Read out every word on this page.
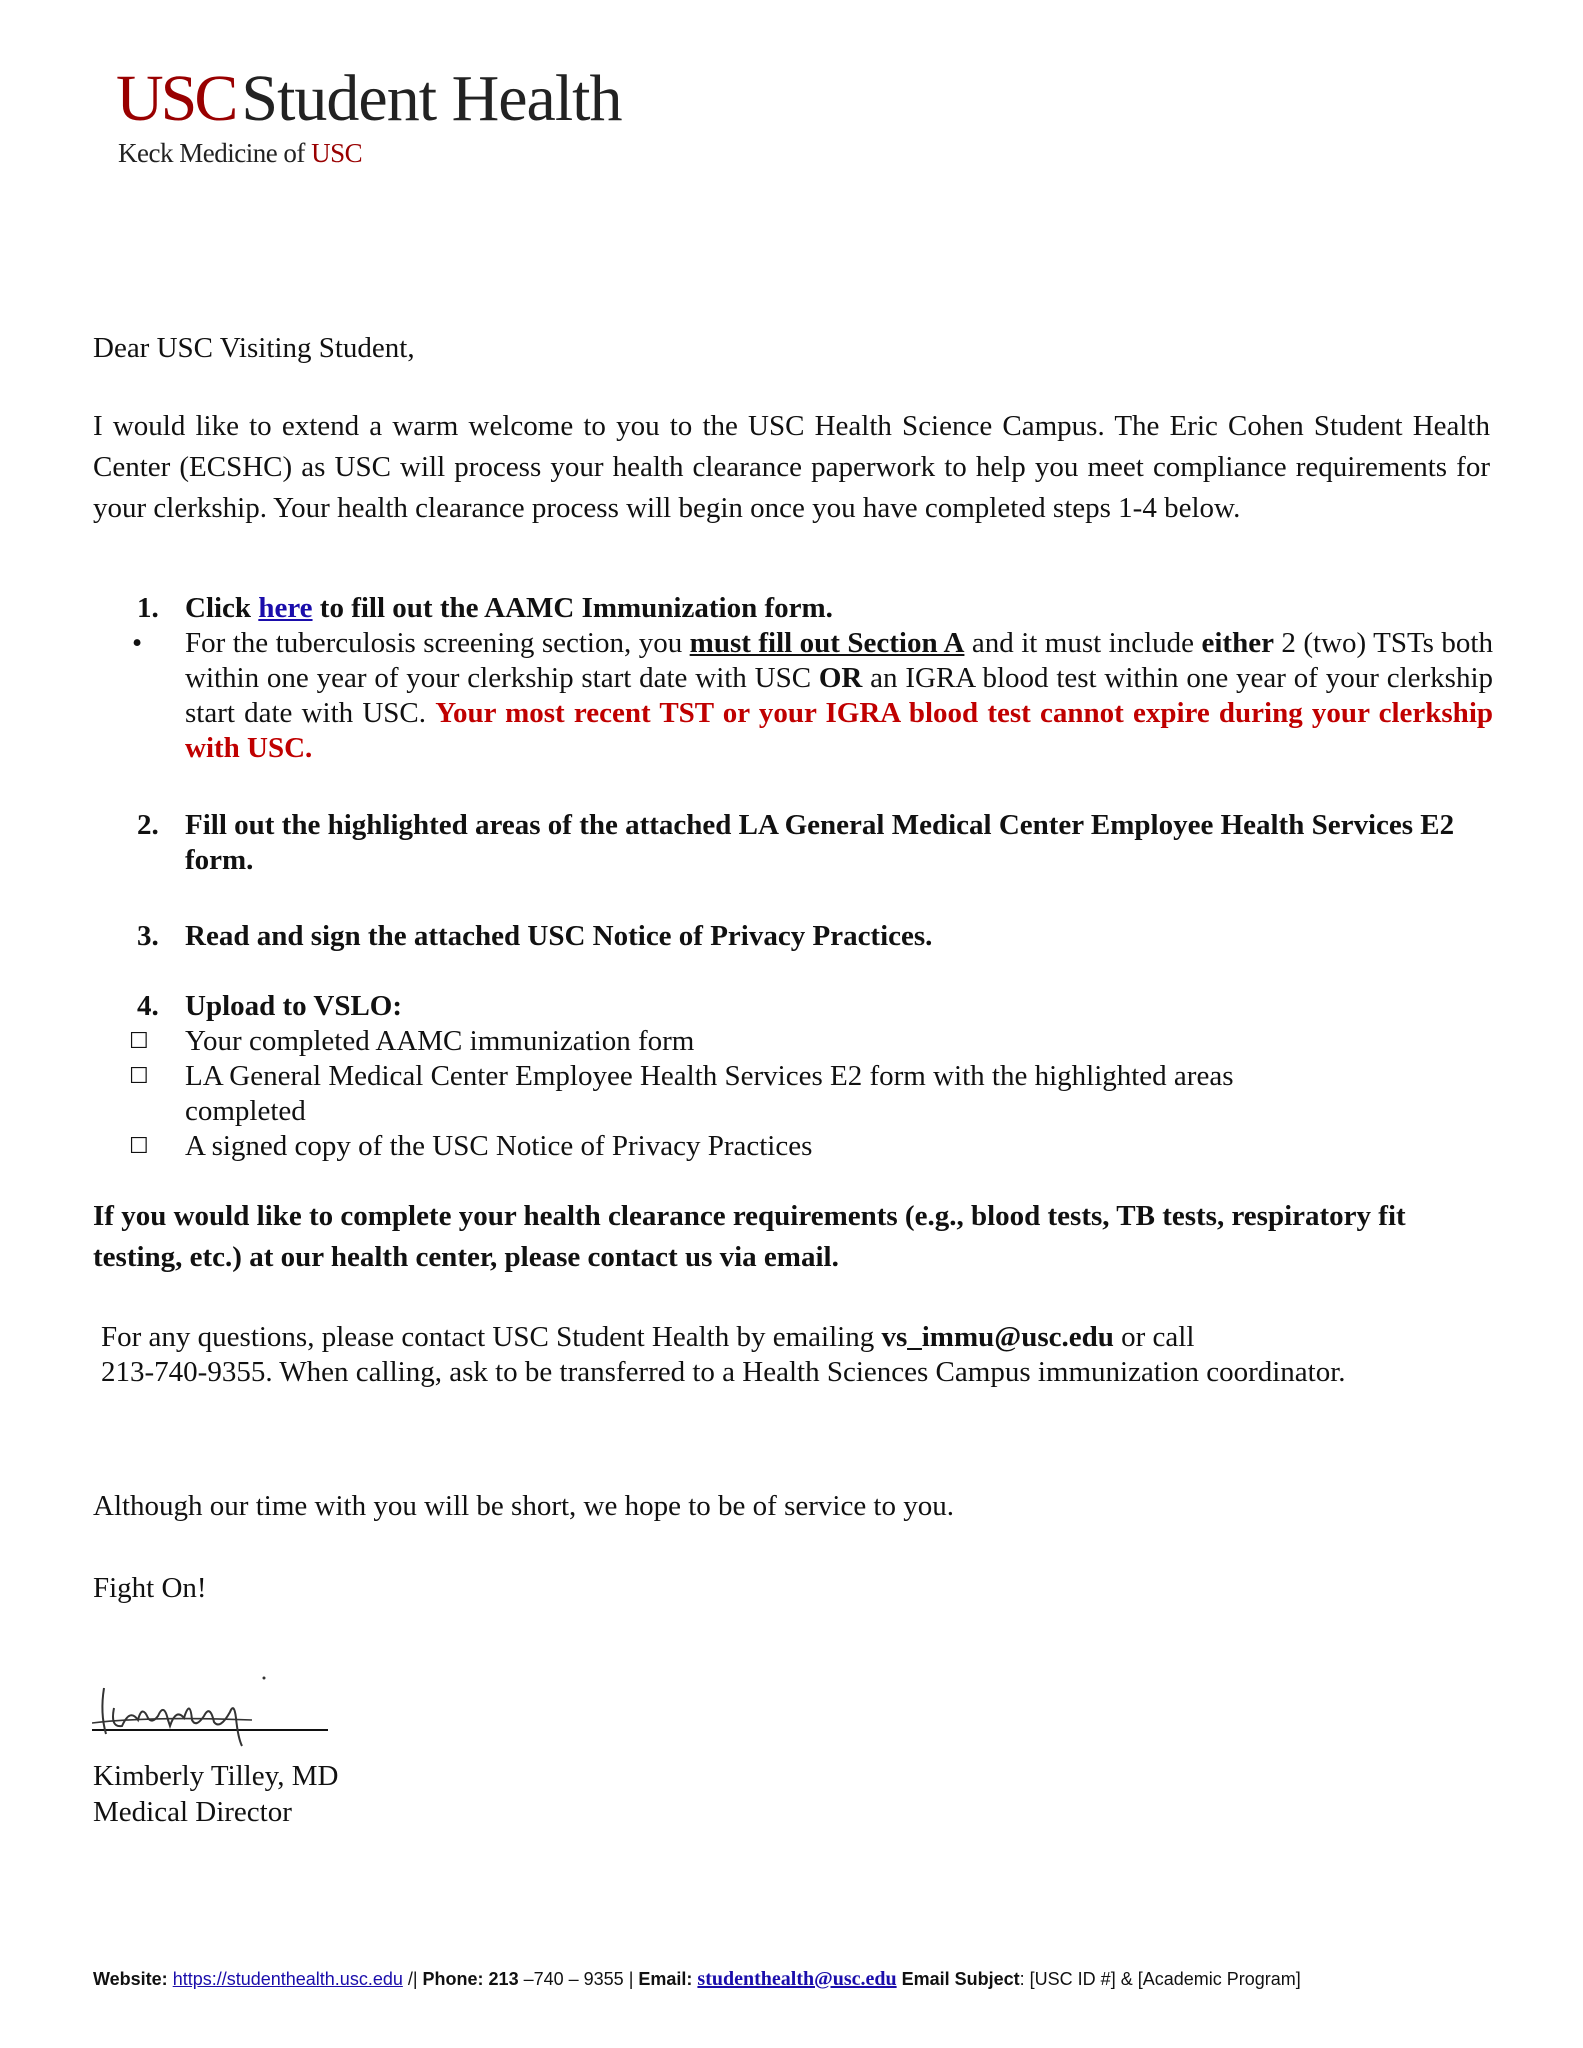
USCStudent Health
Keck Medicine of USC
Dear USC Visiting Student,
I would like to extend a warm welcome to you to the USC Health Science Campus. The Eric Cohen Student Health Center (ECSHC) as USC will process your health clearance paperwork to help you meet compliance requirements for your clerkship. Your health clearance process will begin once you have completed steps 1-4 below.
1. Click here to fill out the AAMC Immunization form.
• For the tuberculosis screening section, you must fill out Section A and it must include either 2 (two) TSTs both within one year of your clerkship start date with USC OR an IGRA blood test within one year of your clerkship start date with USC. Your most recent TST or your IGRA blood test cannot expire during your clerkship with USC.
2. Fill out the highlighted areas of the attached LA General Medical Center Employee Health Services E2 form.
3. Read and sign the attached USC Notice of Privacy Practices.
4. Upload to VSLO:
☐ Your completed AAMC immunization form
☐ LA General Medical Center Employee Health Services E2 form with the highlighted areas completed
☐ A signed copy of the USC Notice of Privacy Practices
If you would like to complete your health clearance requirements (e.g., blood tests, TB tests, respiratory fit testing, etc.) at our health center, please contact us via email.
For any questions, please contact USC Student Health by emailing vs_immu@usc.edu or call
213-740-9355. When calling, ask to be transferred to a Health Sciences Campus immunization coordinator.
Although our time with you will be short, we hope to be of service to you.
Fight On!
Kimberly Tilley, MD
Medical Director
Website: https://studenthealth.usc.edu /| Phone: 213 –740 – 9355 | Email: studenthealth@usc.edu Email Subject: [USC ID #] & [Academic Program]
